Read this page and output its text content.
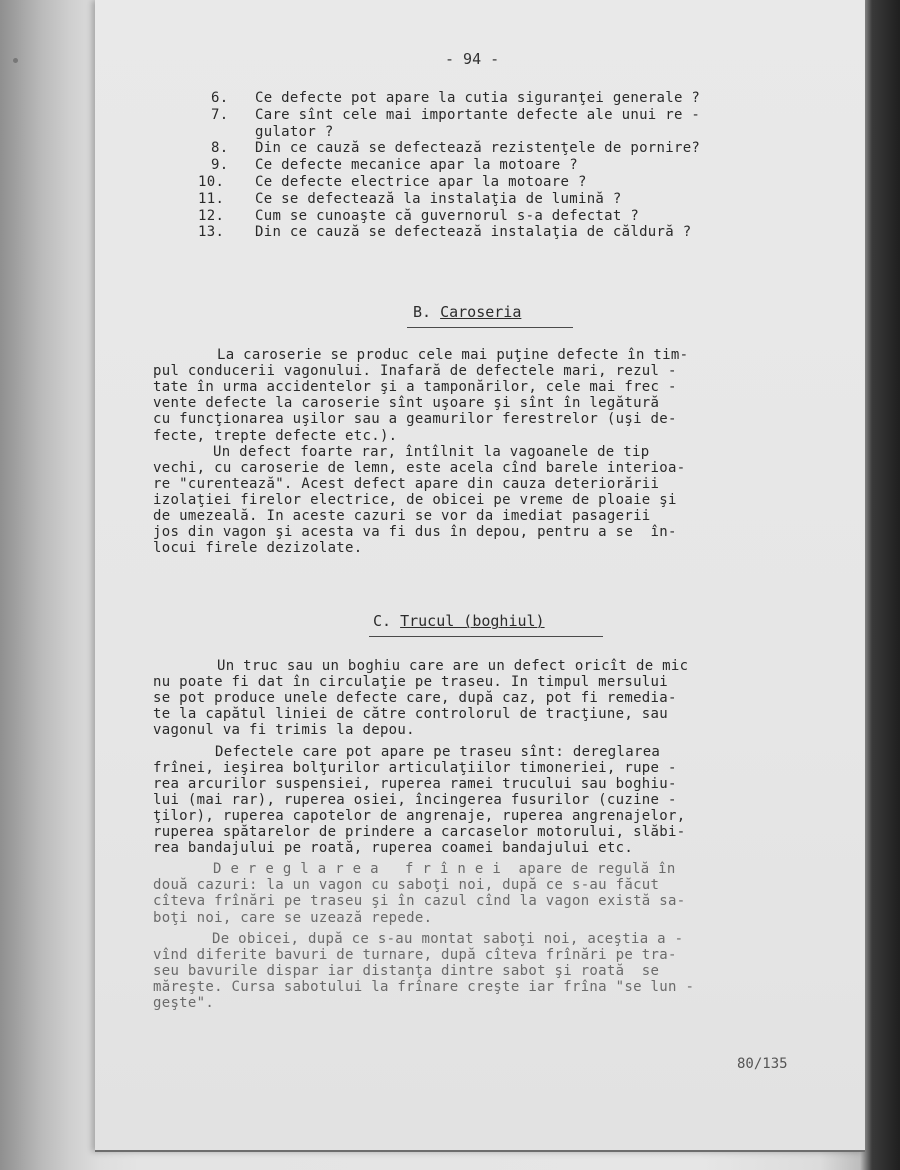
- 94 -
6. Ce defecte pot apare la cutia siguranţei generale ?
7. Care sînt cele mai importante defecte ale unui re -
gulator ?
8. Din ce cauză se defectează rezistenţele de pornire?
9. Ce defecte mecanice apar la motoare ?
10. Ce defecte electrice apar la motoare ?
11. Ce se defectează la instalaţia de lumină ?
12. Cum se cunoaşte că guvernorul s-a defectat ?
13. Din ce cauză se defectează instalaţia de căldură ?
B. Caroseria
La caroserie se produc cele mai puţine defecte în tim-
pul conducerii vagonului. Inafară de defectele mari, rezul -
tate în urma accidentelor şi a tamponărilor, cele mai frec -
vente defecte la caroserie sînt uşoare şi sînt în legătură
cu funcţionarea uşilor sau a geamurilor ferestrelor (uşi de-
fecte, trepte defecte etc.).
Un defect foarte rar, întîlnit la vagoanele de tip
vechi, cu caroserie de lemn, este acela cînd barele interioa-
re "curentează". Acest defect apare din cauza deteriorării
izolaţiei firelor electrice, de obicei pe vreme de ploaie şi
de umezeală. In aceste cazuri se vor da imediat pasagerii
jos din vagon şi acesta va fi dus în depou, pentru a se  în-
locui firele dezizolate.
C. Trucul (boghiul)
Un truc sau un boghiu care are un defect oricît de mic
nu poate fi dat în circulaţie pe traseu. In timpul mersului
se pot produce unele defecte care, după caz, pot fi remedia-
te la capătul liniei de către controlorul de tracţiune, sau
vagonul va fi trimis la depou.
Defectele care pot apare pe traseu sînt: dereglarea
frînei, ieşirea bolţurilor articulaţiilor timoneriei, rupe -
rea arcurilor suspensiei, ruperea ramei trucului sau boghiu-
lui (mai rar), ruperea osiei, încingerea fusurilor (cuzine -
ţilor), ruperea capotelor de angrenaje, ruperea angrenajelor,
ruperea spătarelor de prindere a carcaselor motorului, slăbi-
rea bandajului pe roată, ruperea coamei bandajului etc.
D e r e g l a r e a   f r î n e i  apare de regulă în
două cazuri: la un vagon cu saboţi noi, după ce s-au făcut
cîteva frînări pe traseu şi în cazul cînd la vagon există sa-
boţi noi, care se uzează repede.
De obicei, după ce s-au montat saboţi noi, aceştia a -
vînd diferite bavuri de turnare, după cîteva frînări pe tra-
seu bavurile dispar iar distanţa dintre sabot şi roată  se
măreşte. Cursa sabotului la frînare creşte iar frîna "se lun -
geşte".
80/135
